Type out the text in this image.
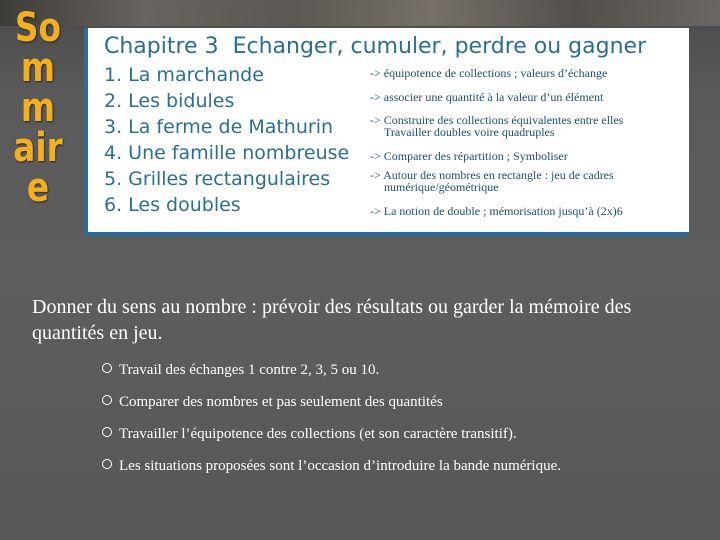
So
m
m
air
e
Chapitre 3 Echanger, cumuler, perdre ou gagner
1. La marchande
2. Les bidules
3. La ferme de Mathurin
4. Une famille nombreuse
5. Grilles rectangulaires
6. Les doubles
-> équipotence de collections ; valeurs d’échange
-> associer une quantité à la valeur d’un élément
-> Construire des collections équivalentes entre elles
Travailler doubles voire quadruples
-> Comparer des répartition ; Symboliser
-> Autour des nombres en rectangle : jeu de cadres
numérique/géométrique
-> La notion de double ; mémorisation jusqu’à (2x)6
Donner du sens au nombre : prévoir des résultats ou garder la mémoire des quantités en jeu.
Travail des échanges 1 contre 2, 3, 5 ou 10.
Comparer des nombres et pas seulement des quantités
Travailler l’équipotence des collections (et son caractère transitif).
Les situations proposées sont l’occasion d’introduire la bande numérique.
